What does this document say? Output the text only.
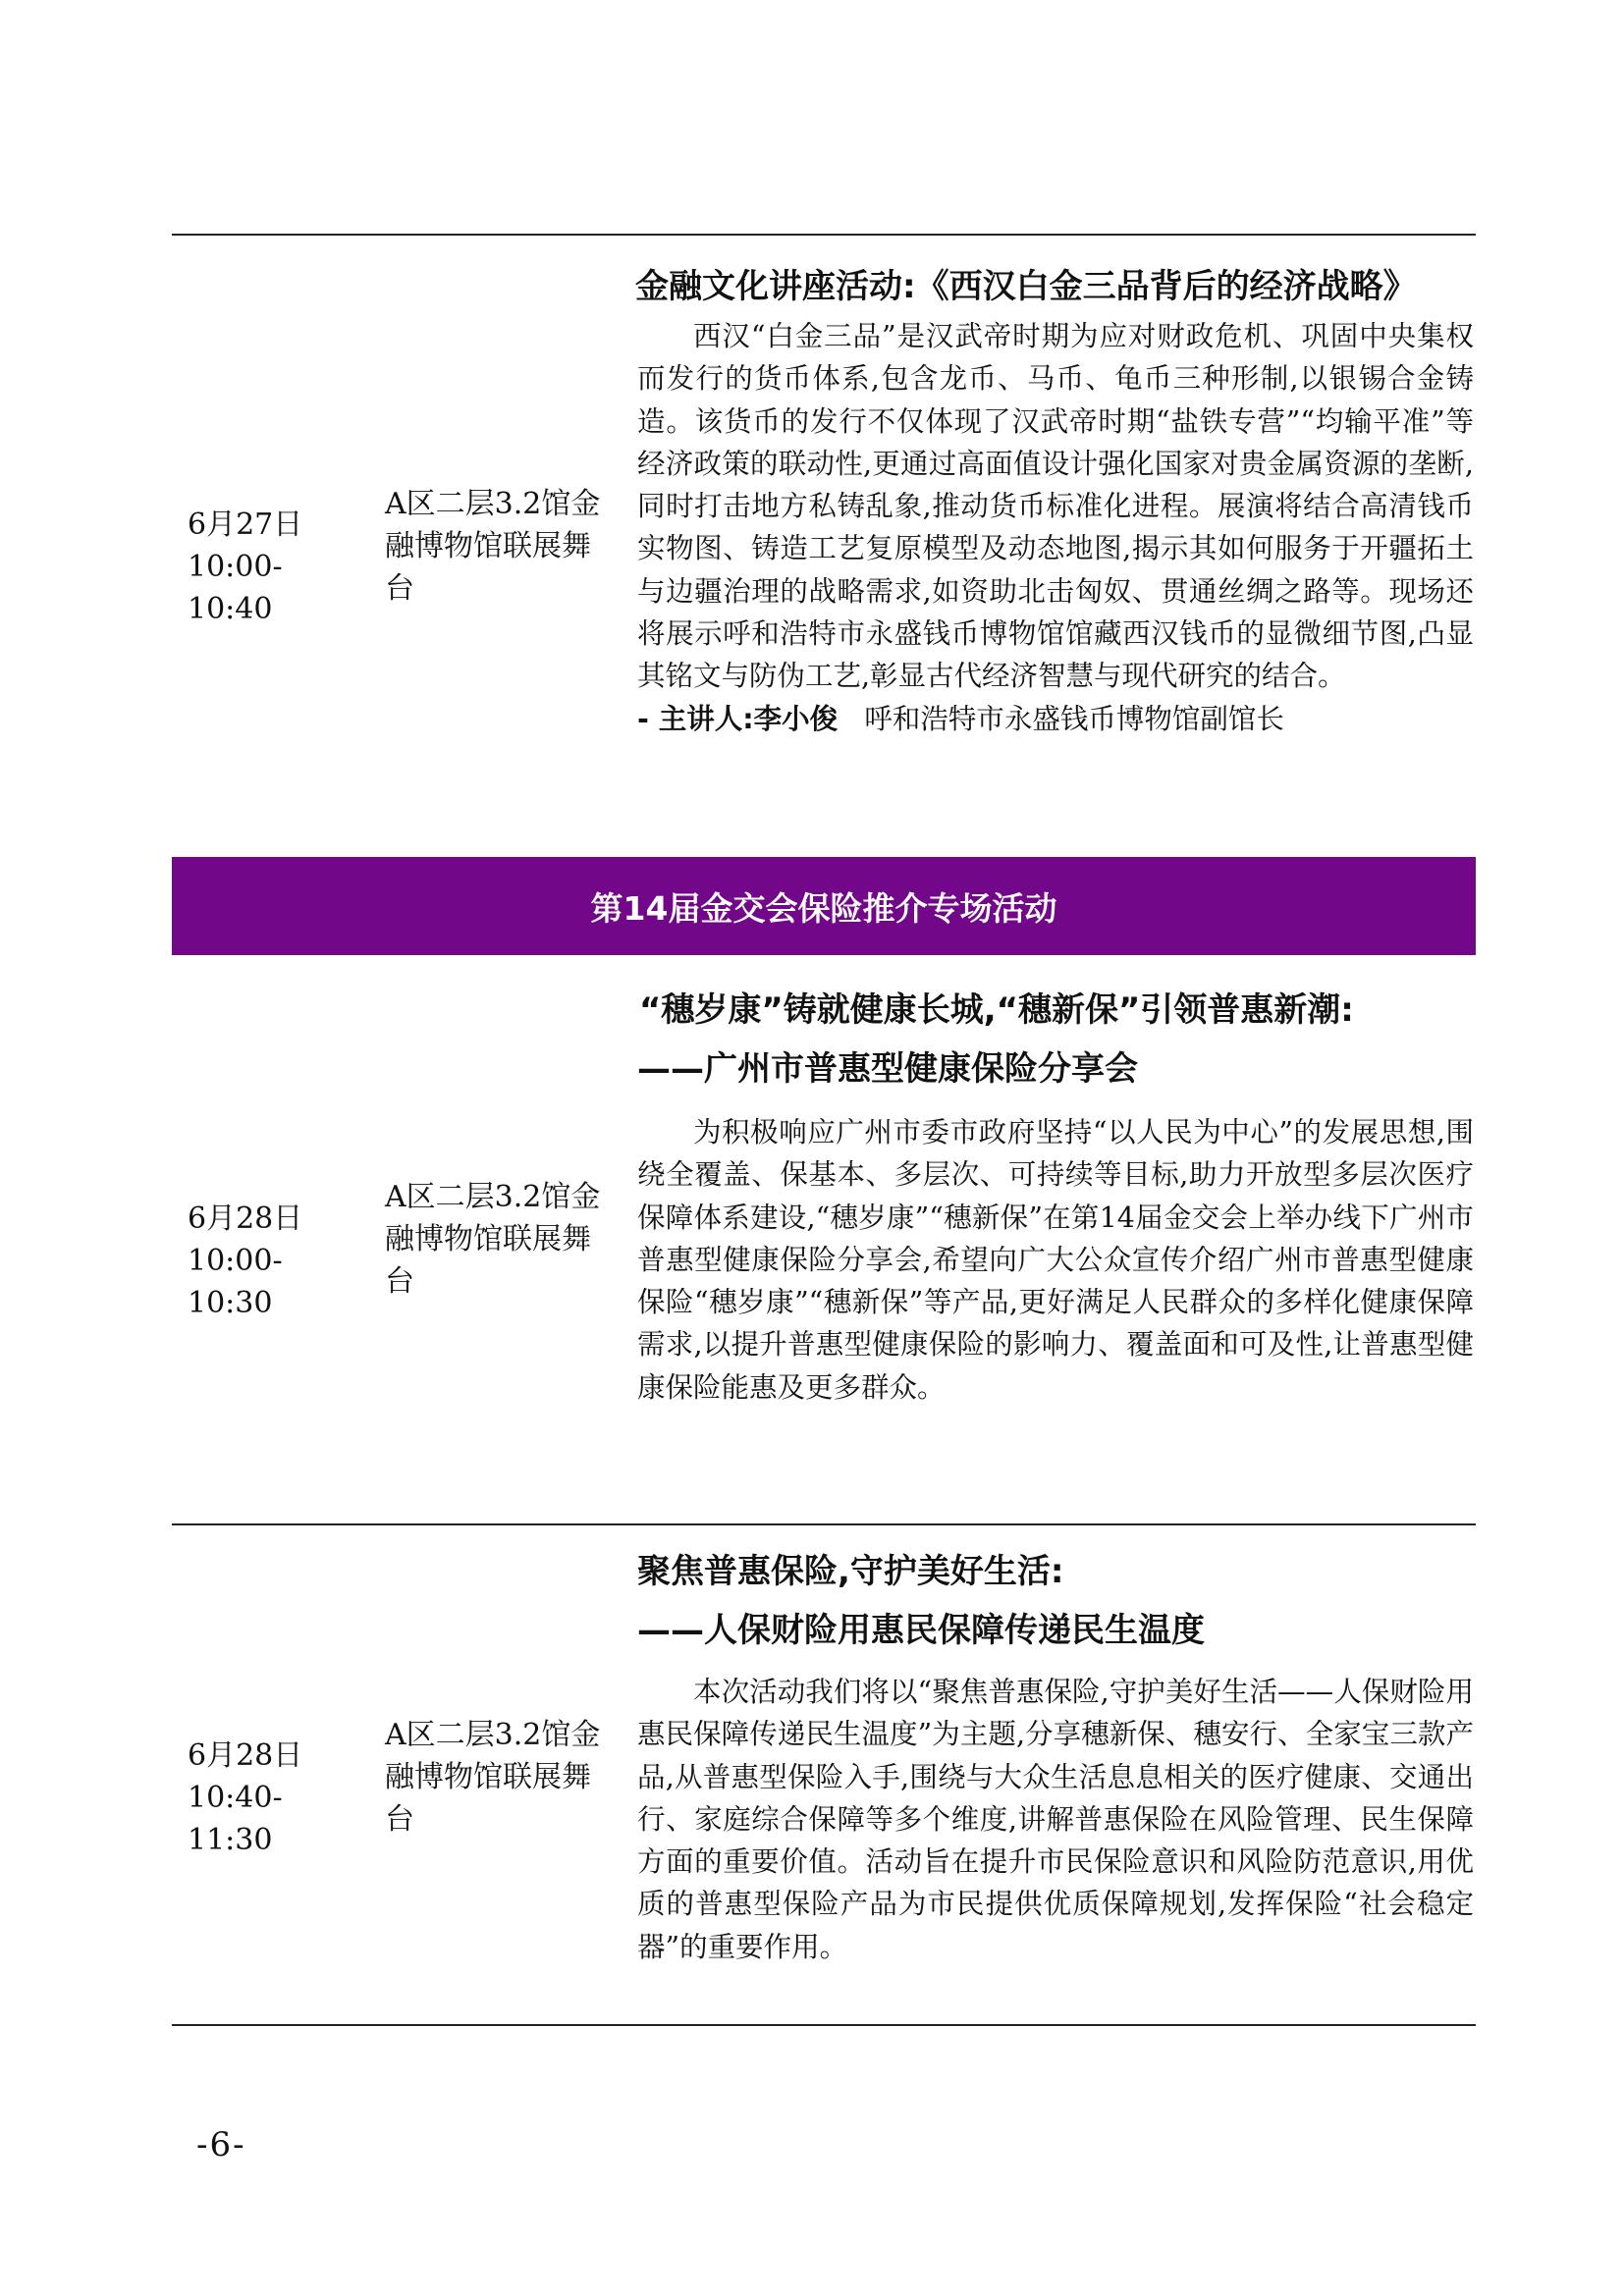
6月27日
10:00-10:40
A区二层3.2馆金融博物馆联展舞台
金融文化讲座活动:《西汉白金三品背后的经济战略》

西汉“白金三品”是汉武帝时期为应对财政危机、巩固中央集权而发行的货币体系,包含龙币、马币、龟币三种形制,以银锡合金铸造。该货币的发行不仅体现了汉武帝时期“盐铁专营”“均输平准”等经济政策的联动性,更通过高面值设计强化国家对贵金属资源的垄断,同时打击地方私铸乱象,推动货币标准化进程。展演将结合高清钱币实物图、铸造工艺复原模型及动态地图,揭示其如何服务于开疆拓土与边疆治理的战略需求,如资助北击匈奴、贯通丝绸之路等。现场还将展示呼和浩特市永盛钱币博物馆馆藏西汉钱币的显微细节图,凸显其铭文与防伪工艺,彰显古代经济智慧与现代研究的结合。

- 主讲人:李小俊 呼和浩特市永盛钱币博物馆副馆长
第14届金交会保险推介专场活动
6月28日
10:00-10:30
A区二层3.2馆金融博物馆联展舞台
“穗岁康”铸就健康长城,“穗新保”引领普惠新潮:
——广州市普惠型健康保险分享会

为积极响应广州市委市政府坚持“以人民为中心”的发展思想,围绕全覆盖、保基本、多层次、可持续等目标,助力开放型多层次医疗保障体系建设,“穗岁康”“穗新保”在第14届金交会上举办线下广州市普惠型健康保险分享会,希望向广大公众宣传介绍广州市普惠型健康保险“穗岁康”“穗新保”等产品,更好满足人民群众的多样化健康保障需求,以提升普惠型健康保险的影响力、覆盖面和可及性,让普惠型健康保险能惠及更多群众。

6月28日
10:40-11:30
A区二层3.2馆金融博物馆联展舞台
聚焦普惠保险,守护美好生活:
——人保财险用惠民保障传递民生温度

本次活动我们将以“聚焦普惠保险,守护美好生活——人保财险用惠民保障传递民生温度”为主题,分享穗新保、穗安行、全家宝三款产品,从普惠型保险入手,围绕与大众生活息息相关的医疗健康、交通出行、家庭综合保障等多个维度,讲解普惠保险在风险管理、民生保障方面的重要价值。活动旨在提升市民保险意识和风险防范意识,用优质的普惠型保险产品为市民提供优质保障规划,发挥保险“社会稳定器”的重要作用。

-6-
